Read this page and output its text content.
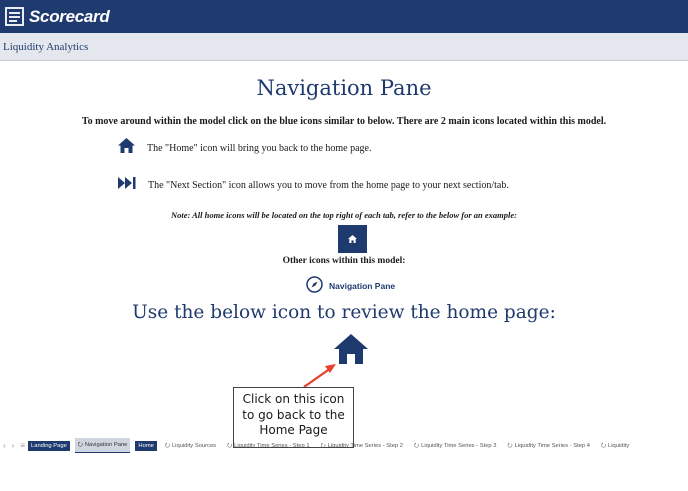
Scorecard
Liquidity Analytics
Navigation Pane
To move around within the model click on the blue icons similar to below. There are 2 main icons located within this model.
The "Home" icon will bring you back to the home page.
The "Next Section" icon allows you to move from the home page to your next section/tab.
Note: All home icons will be located on the top right of each tab, refer to the below for an example:
Other icons within this model:
Navigation Pane
Use the below icon to review the home page:
Click on this icon
to go back to the
Home Page
‹ › ≡ Landing Page ⭮ Navigation Pane Home ⭮ Liquidity Sources ⭮ Liquidity Time Series - Step 1 ⭮ Liquidity Time Series - Step 2 ⭮ Liquidity Time Series - Step 3 ⭮ Liquidity Time Series - Step 4 ⭮ Liquidity
